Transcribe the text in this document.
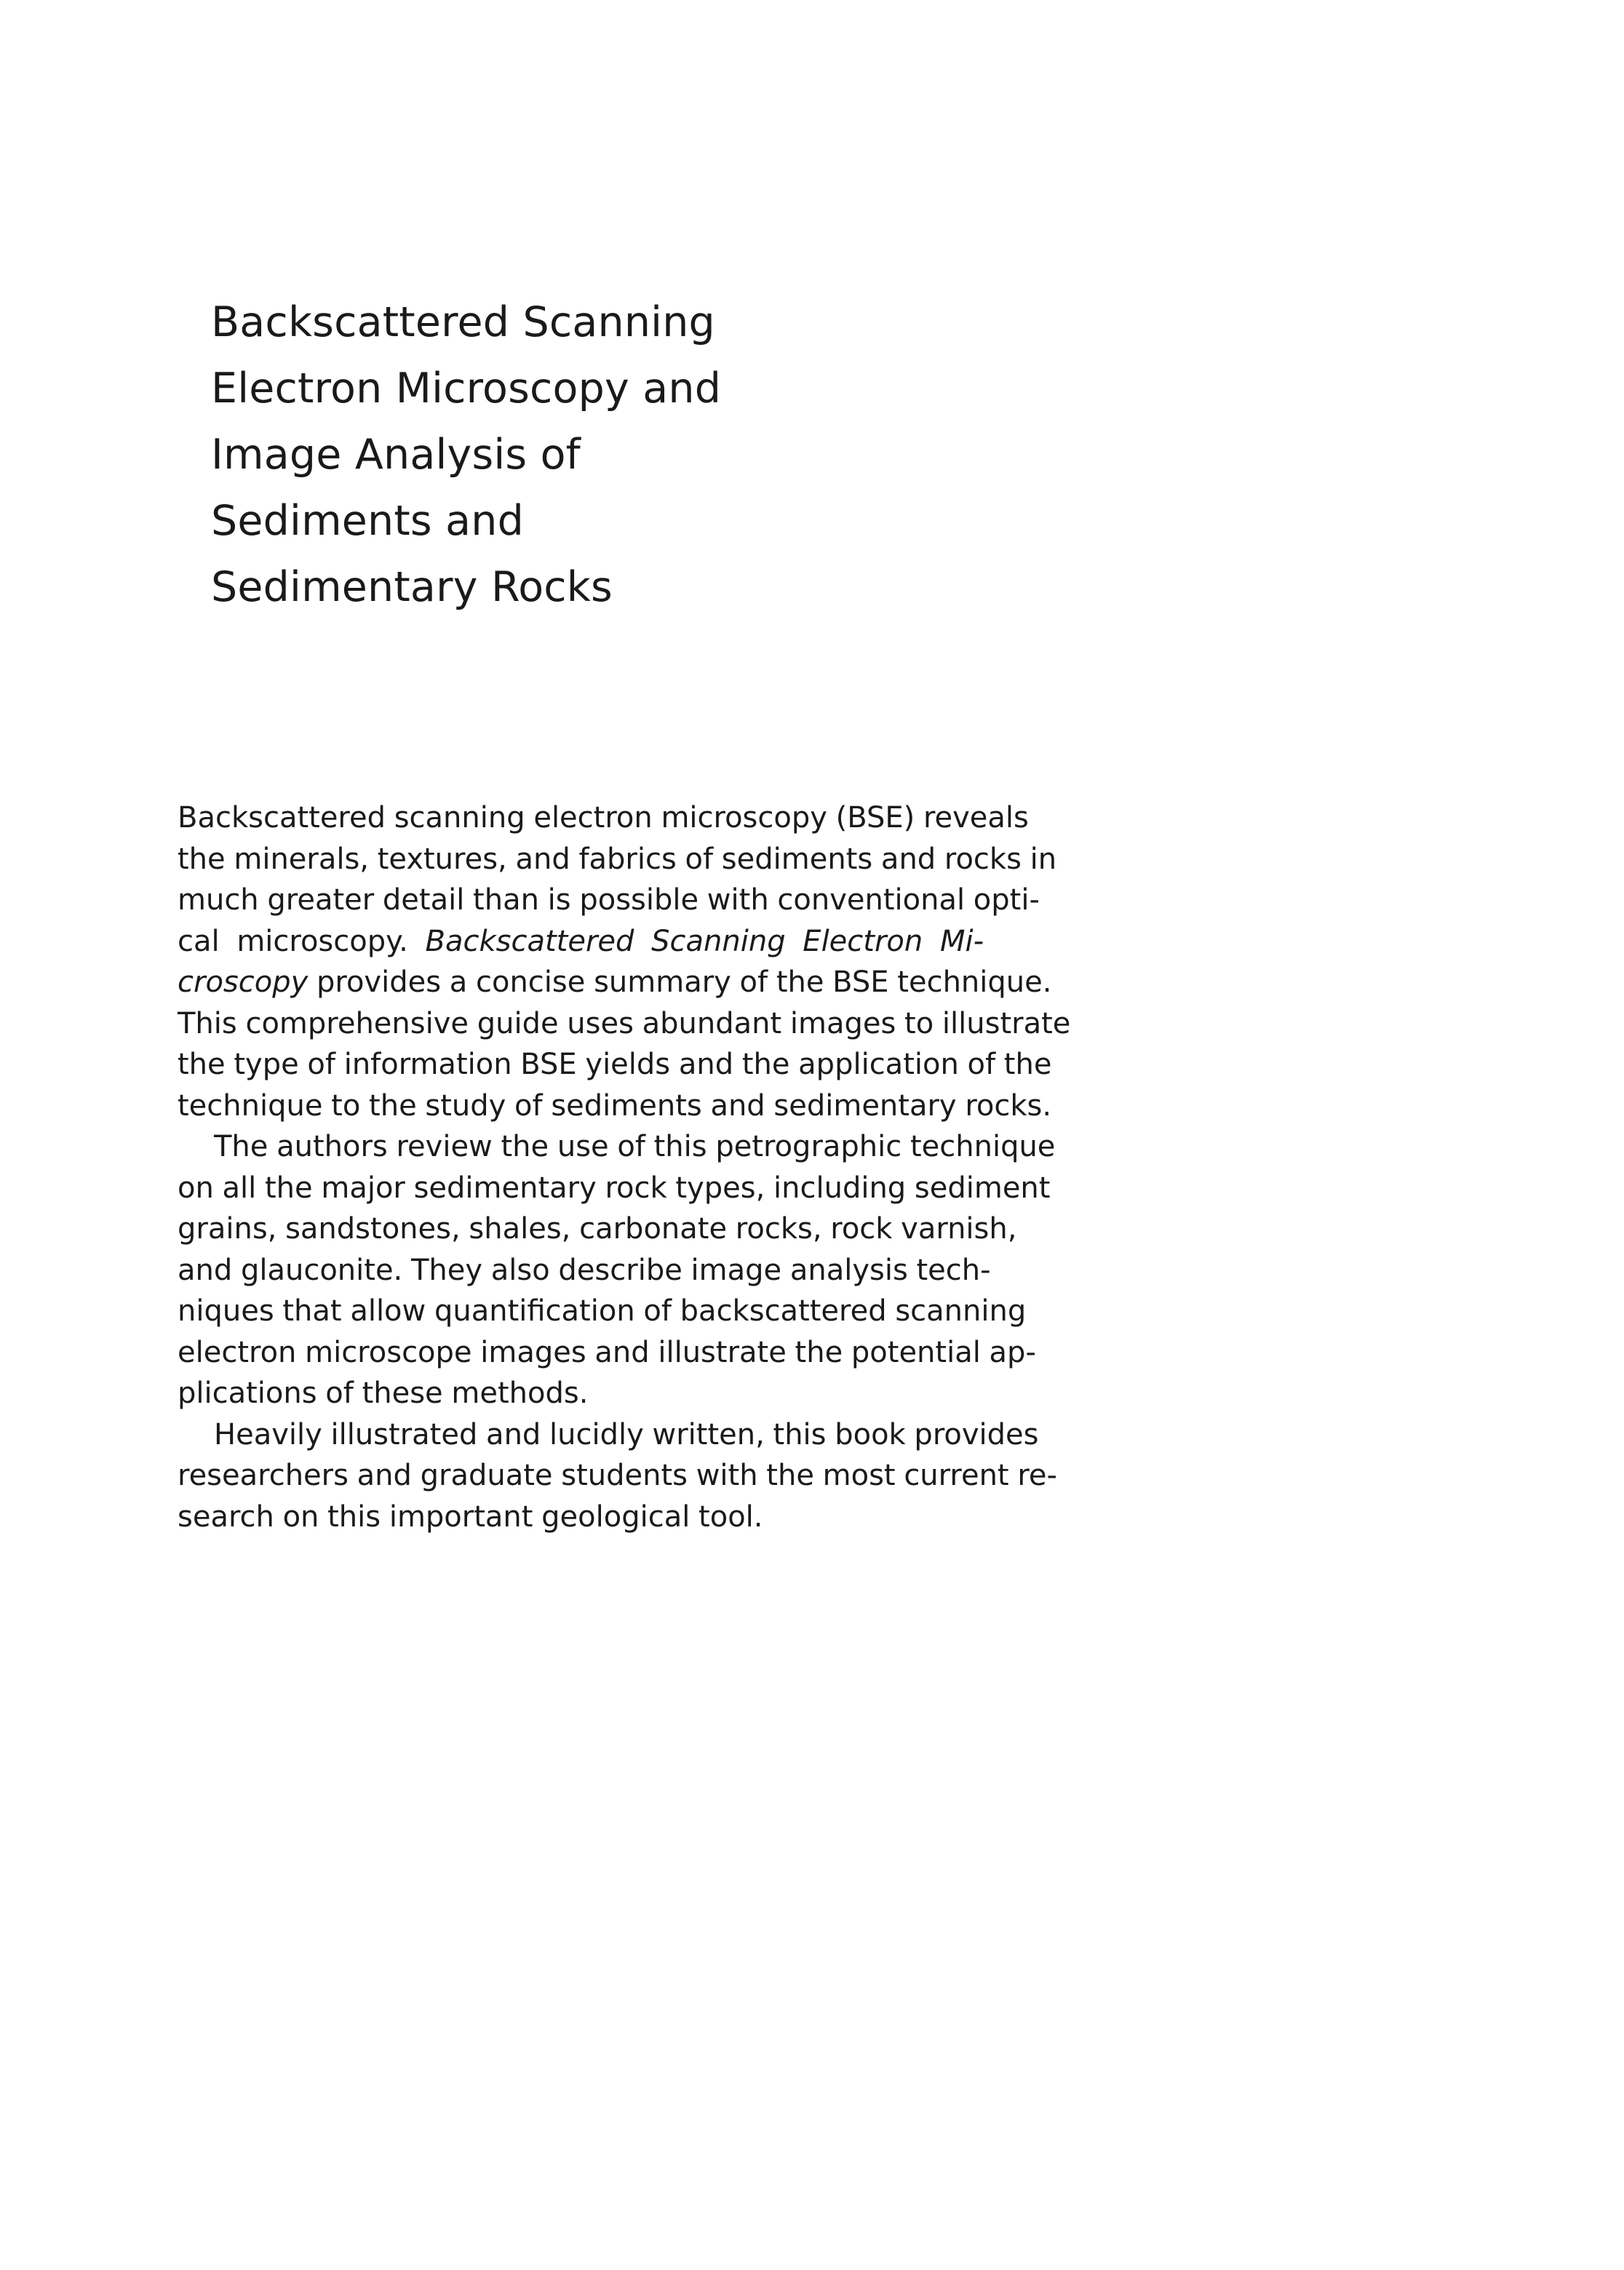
Backscattered Scanning
Electron Microscopy and
Image Analysis of
Sediments and
Sedimentary Rocks

Backscattered scanning electron microscopy (BSE) reveals
the minerals, textures, and fabrics of sediments and rocks in
much greater detail than is possible with conventional opti-
cal microscopy. Backscattered Scanning Electron Mi-
croscopy provides a concise summary of the BSE technique.
This comprehensive guide uses abundant images to illustrate
the type of information BSE yields and the application of the
technique to the study of sediments and sedimentary rocks.

The authors review the use of this petrographic technique
on all the major sedimentary rock types, including sediment
grains, sandstones, shales, carbonate rocks, rock varnish,
and glauconite. They also describe image analysis tech-
niques that allow quantification of backscattered scanning
electron microscope images and illustrate the potential ap-
plications of these methods.

Heavily illustrated and lucidly written, this book provides
researchers and graduate students with the most current re-
search on this important geological tool.
